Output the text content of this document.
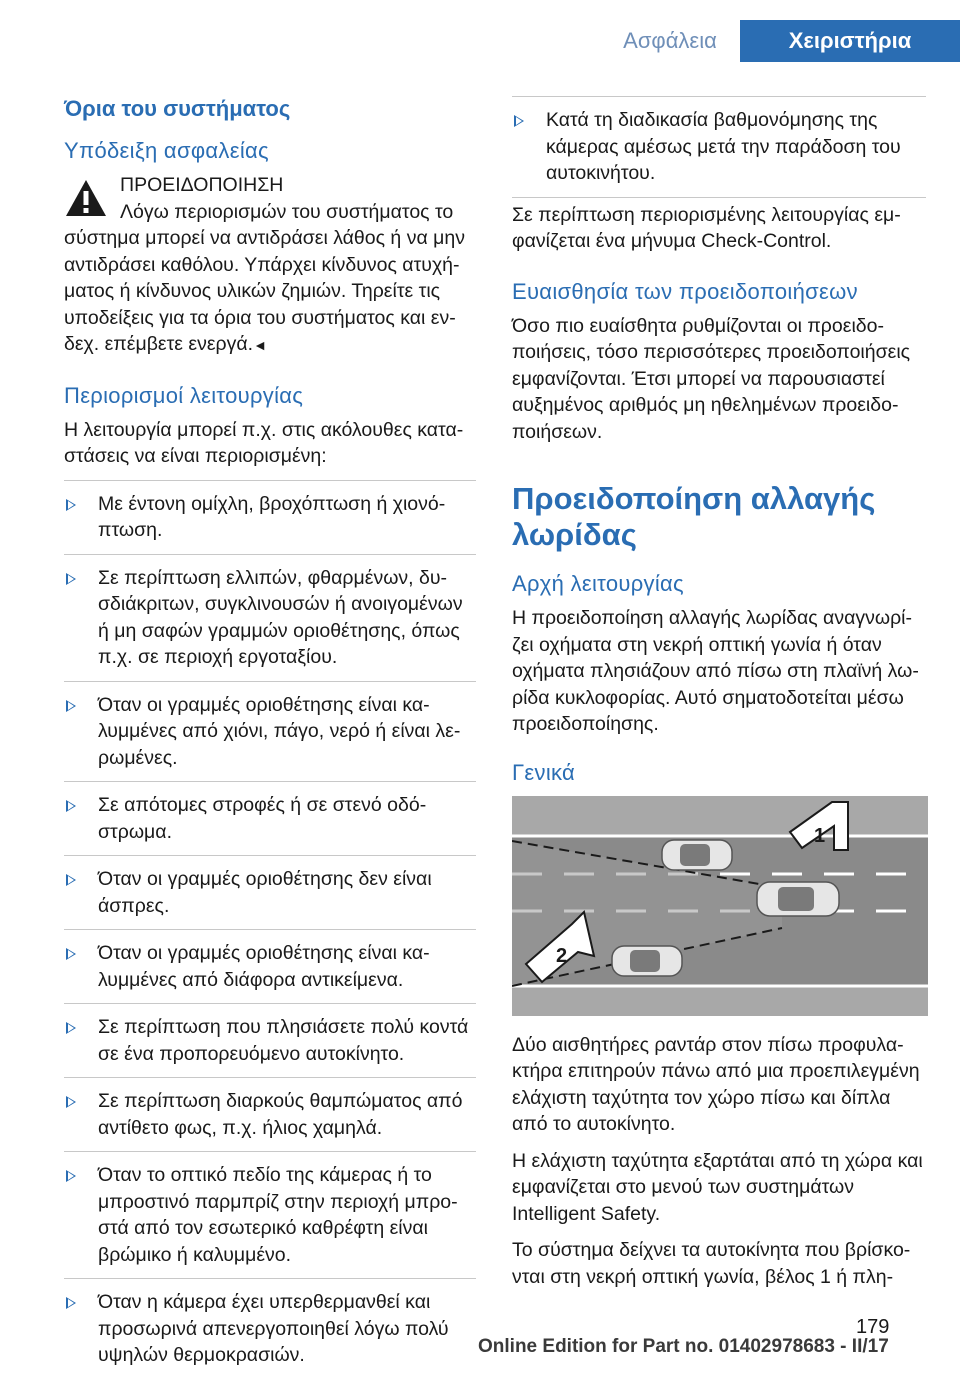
Ασφάλεια	Χειριστήρια
Όρια του συστήματος
Υπόδειξη ασφαλείας

ΠΡΟΕΙΔΟΠΟΙΗΣΗ

Λόγω περιορισμών του συστήματος το

σύστημα μπορεί να αντιδράσει λάθος ή να μην αντιδράσει καθόλου. Υπάρχει κίνδυνος ατυχή-ματος ή κίνδυνος υλικών ζημιών. Τηρείτε τις υποδείξεις για τα όρια του συστήματος και εν-δεχ. επέμβετε ενεργά.◄

Περιορισμοί λειτουργίας

Η λειτουργία μπορεί π.χ. στις ακόλουθες κατα-στάσεις να είναι περιορισμένη:

Με έντονη ομίχλη, βροχόπτωση ή χιονό-πτωση.
Σε περίπτωση ελλιπών, φθαρμένων, δυ-σδιάκριτων, συγκλινουσών ή ανοιγομένων ή μη σαφών γραμμών οριοθέτησης, όπως π.χ. σε περιοχή εργοταξίου.
Όταν οι γραμμές οριοθέτησης είναι κα-λυμμένες από χιόνι, πάγο, νερό ή είναι λε-ρωμένες.
Σε απότομες στροφές ή σε στενό οδό-στρωμα.
Όταν οι γραμμές οριοθέτησης δεν είναι άσπρες.
Όταν οι γραμμές οριοθέτησης είναι κα-λυμμένες από διάφορα αντικείμενα.
Σε περίπτωση που πλησιάσετε πολύ κοντά σε ένα προπορευόμενο αυτοκίνητο.
Σε περίπτωση διαρκούς θαμπώματος από αντίθετο φως, π.χ. ήλιος χαμηλά.
Όταν το οπτικό πεδίο της κάμερας ή το μπροστινό παρμπρίζ στην περιοχή μπρο-στά από τον εσωτερικό καθρέφτη είναι βρώμικο ή καλυμμένο.
Όταν η κάμερα έχει υπερθερμανθεί και προσωρινά απενεργοποιηθεί λόγω πολύ υψηλών θερμοκρασιών.
Κατά τη διαδικασία βαθμονόμησης της κάμερας αμέσως μετά την παράδοση του αυτοκινήτου.

Σε περίπτωση περιορισμένης λειτουργίας εμ-φανίζεται ένα μήνυμα Check-Control.

Ευαισθησία των προειδοποιήσεων

Όσο πιο ευαίσθητα ρυθμίζονται οι προειδο-ποιήσεις, τόσο περισσότερες προειδοποιήσεις εμφανίζονται. Έτσι μπορεί να παρουσιαστεί αυξημένος αριθμός μη ηθελημένων προειδο-ποιήσεων.

Προειδοποίηση αλλαγής λωρίδας
Αρχή λειτουργίας

Η προειδοποίηση αλλαγής λωρίδας αναγνωρί-ζει οχήματα στη νεκρή οπτική γωνία ή όταν οχήματα πλησιάζουν από πίσω στη πλαϊνή λω-ρίδα κυκλοφορίας. Αυτό σηματοδοτείται μέσω προειδοποίησης.

Γενικά
1
2

Δύο αισθητήρες ραντάρ στον πίσω προφυλα-κτήρα επιτηρούν πάνω από μια προεπιλεγμένη ελάχιστη ταχύτητα τον χώρο πίσω και δίπλα από το αυτοκίνητο.

Η ελάχιστη ταχύτητα εξαρτάται από τη χώρα και εμφανίζεται στο μενού των συστημάτων Intelligent Safety.

Το σύστημα δείχνει τα αυτοκίνητα που βρίσκο-νται στη νεκρή οπτική γωνία, βέλος 1 ή πλη-

179
Online Edition for Part no. 01402978683 - II/17
